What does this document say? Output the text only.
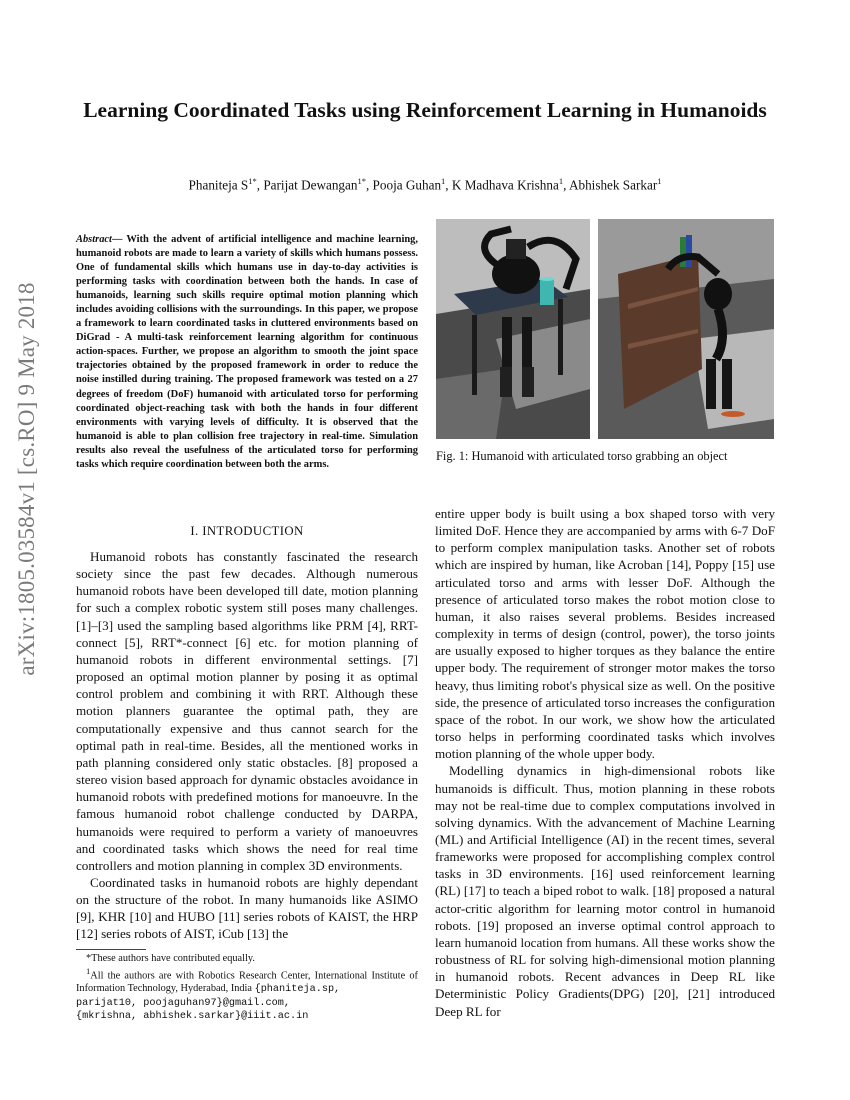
Learning Coordinated Tasks using Reinforcement Learning in Humanoids
Phaniteja $S^{1*}$, Parijat Dewangan$^{1*}$, Pooja Guhan$^1$, K Madhava Krishna$^1$, Abhishek Sarkar$^1$
arXiv:1805.03584v1 [cs.RO] 9 May 2018
Abstract— With the advent of artificial intelligence and machine learning, humanoid robots are made to learn a variety of skills which humans possess. One of fundamental skills which humans use in day-to-day activities is performing tasks with coordination between both the hands. In case of humanoids, learning such skills require optimal motion planning which includes avoiding collisions with the surroundings. In this paper, we propose a framework to learn coordinated tasks in cluttered environments based on DiGrad - A multi-task reinforcement learning algorithm for continuous action-spaces. Further, we propose an algorithm to smooth the joint space trajectories obtained by the proposed framework in order to reduce the noise instilled during training. The proposed framework was tested on a 27 degrees of freedom (DoF) humanoid with articulated torso for performing coordinated object-reaching task with both the hands in four different environments with varying levels of difficulty. It is observed that the humanoid is able to plan collision free trajectory in real-time. Simulation results also reveal the usefulness of the articulated torso for performing tasks which require coordination between both the arms.
I. INTRODUCTION

Humanoid robots has constantly fascinated the research society since the past few decades. Although numerous humanoid robots have been developed till date, motion planning for such a complex robotic system still poses many challenges. [1]–[3] used the sampling based algorithms like PRM [4], RRT-connect [5], RRT*-connect [6] etc. for motion planning of humanoid robots in different environmental settings. [7] proposed an optimal motion planner by posing it as optimal control problem and combining it with RRT. Although these motion planners guarantee the optimal path, they are computationally expensive and thus cannot search for the optimal path in real-time. Besides, all the mentioned works in path planning considered only static obstacles. [8] proposed a stereo vision based approach for dynamic obstacles avoidance in humanoid robots with predefined motions for manoeuvre. In the famous humanoid robot challenge conducted by DARPA, humanoids were required to perform a variety of manoeuvres and coordinated tasks which shows the need for real time controllers and motion planning in complex 3D environments.

Coordinated tasks in humanoid robots are highly dependant on the structure of the robot. In many humanoids like ASIMO [9], KHR [10] and HUBO [11] series robots of KAIST, the HRP [12] series robots of AIST, iCub [13] the

*These authors have contributed equally.

$^1$All the authors are with Robotics Research Center, International Institute of Information Technology, Hyderabad, India {phaniteja.sp,
parijat10, poojaguhan97}@gmail.com,
{mkrishna, abhishek.sarkar}@iiit.ac.in

Fig. 1: Humanoid with articulated torso grabbing an object

entire upper body is built using a box shaped torso with very limited DoF. Hence they are accompanied by arms with 6-7 DoF to perform complex manipulation tasks. Another set of robots which are inspired by human, like Acroban [14], Poppy [15] use articulated torso and arms with lesser DoF. Although the presence of articulated torso makes the robot motion close to human, it also raises several problems. Besides increased complexity in terms of design (control, power), the torso joints are usually exposed to higher torques as they balance the entire upper body. The requirement of stronger motor makes the torso heavy, thus limiting robot's physical size as well. On the positive side, the presence of articulated torso increases the configuration space of the robot. In our work, we show how the articulated torso helps in performing coordinated tasks which involves motion planning of the whole upper body.

Modelling dynamics in high-dimensional robots like humanoids is difficult. Thus, motion planning in these robots may not be real-time due to complex computations involved in solving dynamics. With the advancement of Machine Learning (ML) and Artificial Intelligence (AI) in the recent times, several frameworks were proposed for accomplishing complex control tasks in 3D environments. [16] used reinforcement learning (RL) [17] to teach a biped robot to walk. [18] proposed a natural actor-critic algorithm for learning motor control in humanoid robots. [19] proposed an inverse optimal control approach to learn humanoid location from humans. All these works show the robustness of RL for solving high-dimensional motion planning in humanoid robots. Recent advances in Deep RL like Deterministic Policy Gradients(DPG) [20], [21] introduced Deep RL for
